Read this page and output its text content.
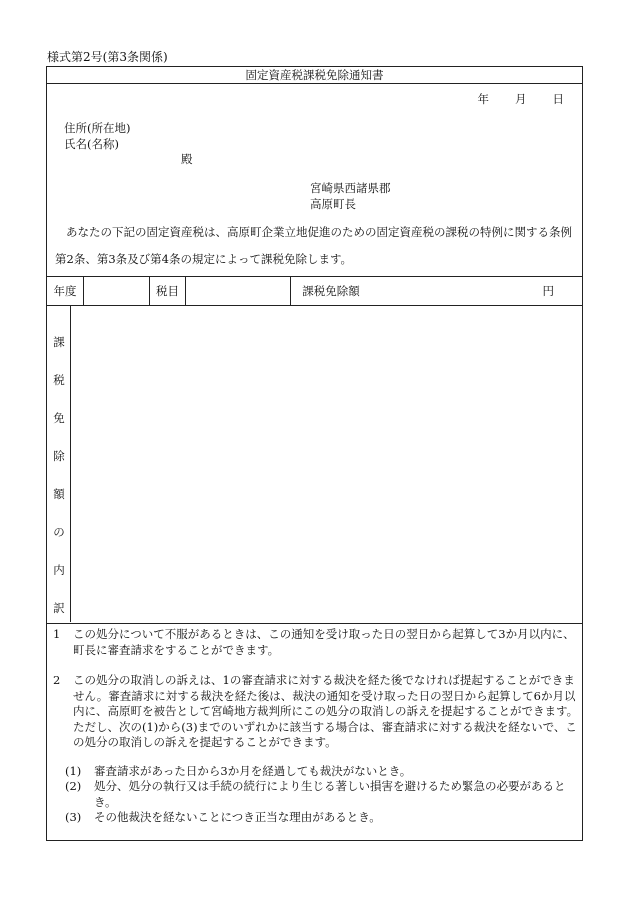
様式第2号(第3条関係)
固定資産税課税免除通知書
年 月 日
住所(所在地)
氏名(名称)
殿
宮崎県西諸県郡
高原町長
あなたの下記の固定資産税は、高原町企業立地促進のための固定資産税の課税の特例に関する条例第2条、第3条及び第4条の規定によって課税免除します。
年度	税目	課税免除額	円
課
税
免
除
額
の
内
訳
1 この処分について不服があるときは、この通知を受け取った日の翌日から起算して3か月以内に、町長に審査請求をすることができます。
2 この処分の取消しの訴えは、1の審査請求に対する裁決を経た後でなければ提起することができません。審査請求に対する裁決を経た後は、裁決の通知を受け取った日の翌日から起算して6か月以内に、高原町を被告として宮崎地方裁判所にこの処分の取消しの訴えを提起することができます。ただし、次の(1)から(3)までのいずれかに該当する場合は、審査請求に対する裁決を経ないで、この処分の取消しの訴えを提起することができます。
(1) 審査請求があった日から3か月を経過しても裁決がないとき。
(2) 処分、処分の執行又は手続の続行により生じる著しい損害を避けるため緊急の必要があるとき。
(3) その他裁決を経ないことにつき正当な理由があるとき。
